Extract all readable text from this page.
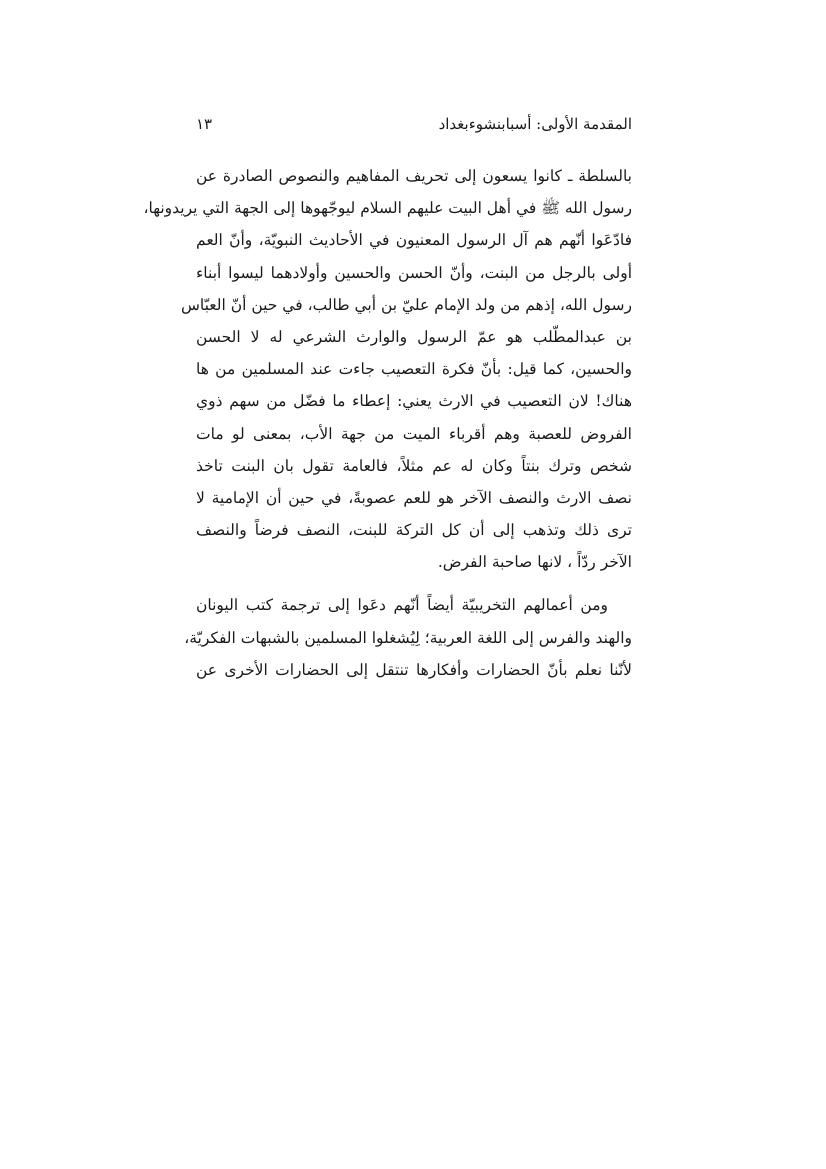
المقدمة الأولى: أسبابنشوءبغداد
١٣
بالسلطة ـ كانوا يسعون إلى تحريف المفاهيم والنصوص الصادرة عن
رسول الله ﷺ في أهل البيت عليهم السلام ليوجّهوها إلى الجهة التي يريدونها،
فادّعَوا أنّهم هم آل الرسول المعنيون في الأحاديث النبويّة، وأنّ العم
أولى بالرجل من البنت، وأنّ الحسن والحسين وأولادهما ليسوا أبناء
رسول الله، إذهم من ولد الإمام عليّ بن أبي طالب، في حين أنّ العبّاس
بن عبدالمطّلب هو عمّ الرسول والوارث الشرعي له لا الحسن
والحسين، كما قيل: بأنّ فكرة التعصيب جاءت عند المسلمين من ها
هناك! لان التعصيب في الارث يعني: إعطاء ما فضّل من سهم ذوي
الفروض للعصبة وهم أقرباء الميت من جهة الأب، بمعنى لو مات
شخص وترك بنتاً وكان له عم مثلاً، فالعامة تقول بان البنت تاخذ
نصف الارث والنصف الآخر هو للعم عصوبةً، في حين أن الإمامية لا
ترى ذلك وتذهب إلى أن كل التركة للبنت، النصف فرضاً والنصف
الآخر ردّاً ، لانها صاحبة الفرض.
ومن أعمالهم التخريبيّة أيضاً أنّهم دعَوا إلى ترجمة كتب اليونان
والهند والفرس إلى اللغة العربية؛ لِيُشغلوا المسلمين بالشبهات الفكريّة،
لأنّنا نعلم بأنّ الحضارات وأفكارها تنتقل إلى الحضارات الأخرى عن
